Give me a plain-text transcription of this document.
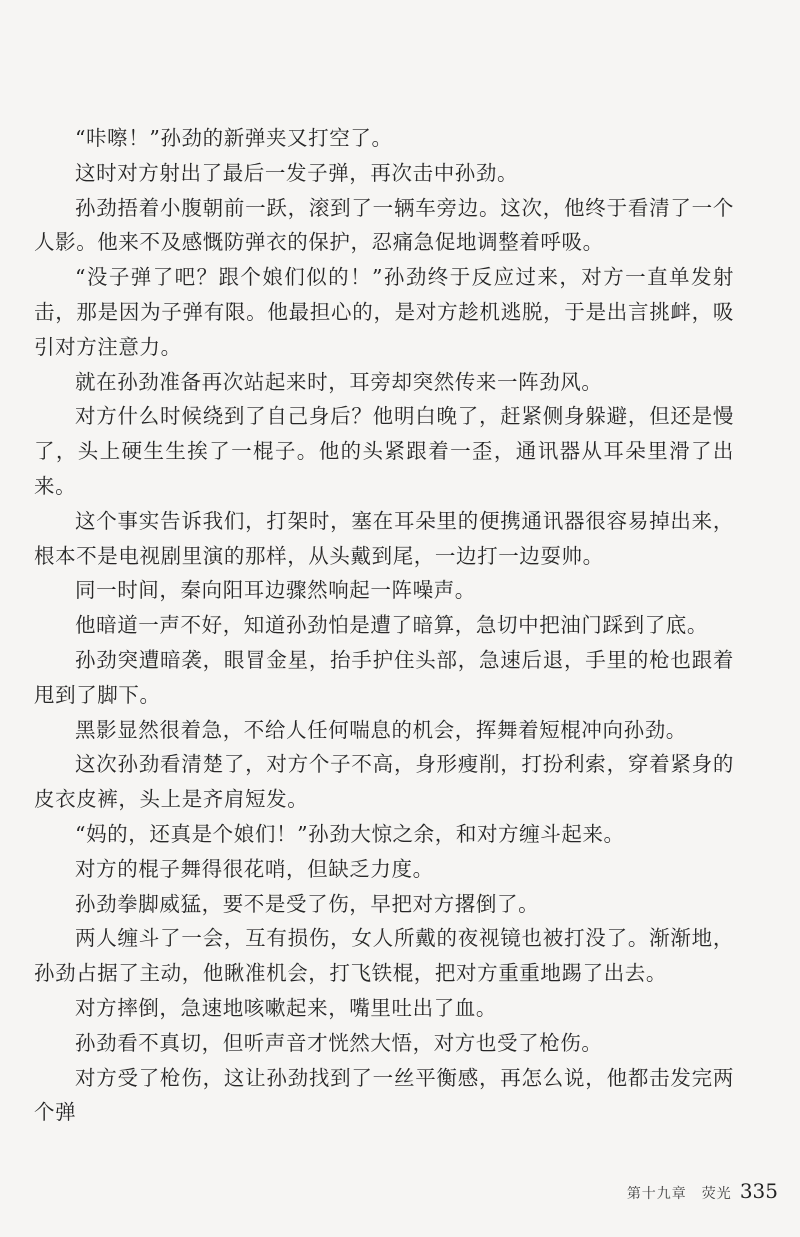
“咔嚓！”孙劲的新弹夹又打空了。

这时对方射出了最后一发子弹，再次击中孙劲。

孙劲捂着小腹朝前一跃，滚到了一辆车旁边。这次，他终于看清了一个人影。他来不及感慨防弹衣的保护，忍痛急促地调整着呼吸。

“没子弹了吧？跟个娘们似的！”孙劲终于反应过来，对方一直单发射击，那是因为子弹有限。他最担心的，是对方趁机逃脱，于是出言挑衅，吸引对方注意力。

就在孙劲准备再次站起来时，耳旁却突然传来一阵劲风。

对方什么时候绕到了自己身后？他明白晚了，赶紧侧身躲避，但还是慢了，头上硬生生挨了一棍子。他的头紧跟着一歪，通讯器从耳朵里滑了出来。

这个事实告诉我们，打架时，塞在耳朵里的便携通讯器很容易掉出来，根本不是电视剧里演的那样，从头戴到尾，一边打一边耍帅。

同一时间，秦向阳耳边骤然响起一阵噪声。

他暗道一声不好，知道孙劲怕是遭了暗算，急切中把油门踩到了底。

孙劲突遭暗袭，眼冒金星，抬手护住头部，急速后退，手里的枪也跟着甩到了脚下。

黑影显然很着急，不给人任何喘息的机会，挥舞着短棍冲向孙劲。

这次孙劲看清楚了，对方个子不高，身形瘦削，打扮利索，穿着紧身的皮衣皮裤，头上是齐肩短发。

“妈的，还真是个娘们！”孙劲大惊之余，和对方缠斗起来。

对方的棍子舞得很花哨，但缺乏力度。

孙劲拳脚威猛，要不是受了伤，早把对方撂倒了。

两人缠斗了一会，互有损伤，女人所戴的夜视镜也被打没了。渐渐地，孙劲占据了主动，他瞅准机会，打飞铁棍，把对方重重地踢了出去。

对方摔倒，急速地咳嗽起来，嘴里吐出了血。

孙劲看不真切，但听声音才恍然大悟，对方也受了枪伤。

对方受了枪伤，这让孙劲找到了一丝平衡感，再怎么说，他都击发完两个弹

第十九章　荧光 335
